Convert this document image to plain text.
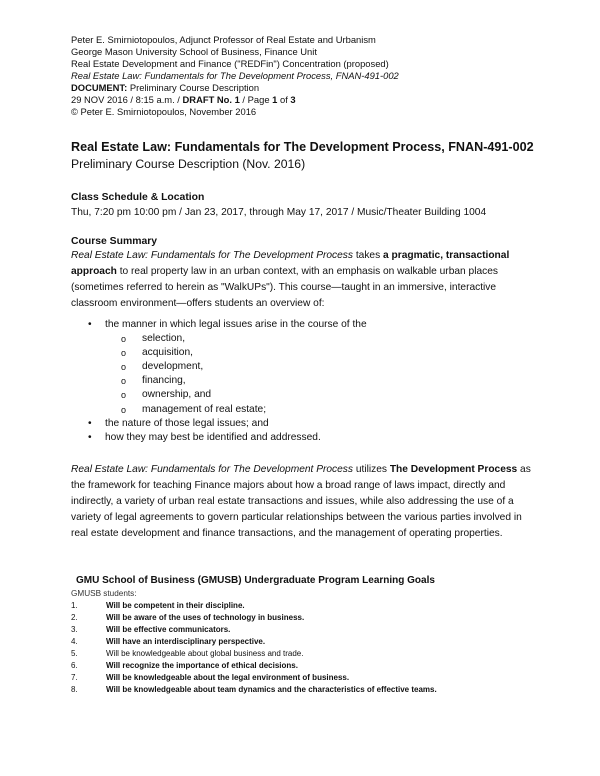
Peter E. Smirniotopoulos, Adjunct Professor of Real Estate and Urbanism
George Mason University School of Business, Finance Unit
Real Estate Development and Finance ("REDFin") Concentration (proposed)
Real Estate Law: Fundamentals for The Development Process, FNAN-491-002
DOCUMENT: Preliminary Course Description
29 NOV 2016 / 8:15 a.m. / DRAFT No. 1 / Page 1 of 3
© Peter E. Smirniotopoulos, November 2016
Real Estate Law: Fundamentals for The Development Process, FNAN-491-002
Preliminary Course Description (Nov. 2016)
Class Schedule & Location
Thu, 7:20 pm 10:00 pm / Jan 23, 2017, through May 17, 2017 / Music/Theater Building 1004
Course Summary
Real Estate Law: Fundamentals for The Development Process takes a pragmatic, transactional approach to real property law in an urban context, with an emphasis on walkable urban places (sometimes referred to herein as "WalkUPs"). This course—taught in an immersive, interactive classroom environment—offers students an overview of:
•	the manner in which legal issues arise in the course of the
o	selection,
o	acquisition,
o	development,
o	financing,
o	ownership, and
o	management of real estate;
•	the nature of those legal issues; and
•	how they may best be identified and addressed.
Real Estate Law: Fundamentals for The Development Process utilizes The Development Process as the framework for teaching Finance majors about how a broad range of laws impact, directly and indirectly, a variety of urban real estate transactions and issues, while also addressing the use of a variety of legal agreements to govern particular relationships between the various parties involved in real estate development and finance transactions, and the management of operating properties.
GMU School of Business (GMUSB) Undergraduate Program Learning Goals
GMUSB students:
1.	Will be competent in their discipline.
2.	Will be aware of the uses of technology in business.
3.	Will be effective communicators.
4.	Will have an interdisciplinary perspective.
5.	Will be knowledgeable about global business and trade.
6.	Will recognize the importance of ethical decisions.
7.	Will be knowledgeable about the legal environment of business.
8.	Will be knowledgeable about team dynamics and the characteristics of effective teams.
